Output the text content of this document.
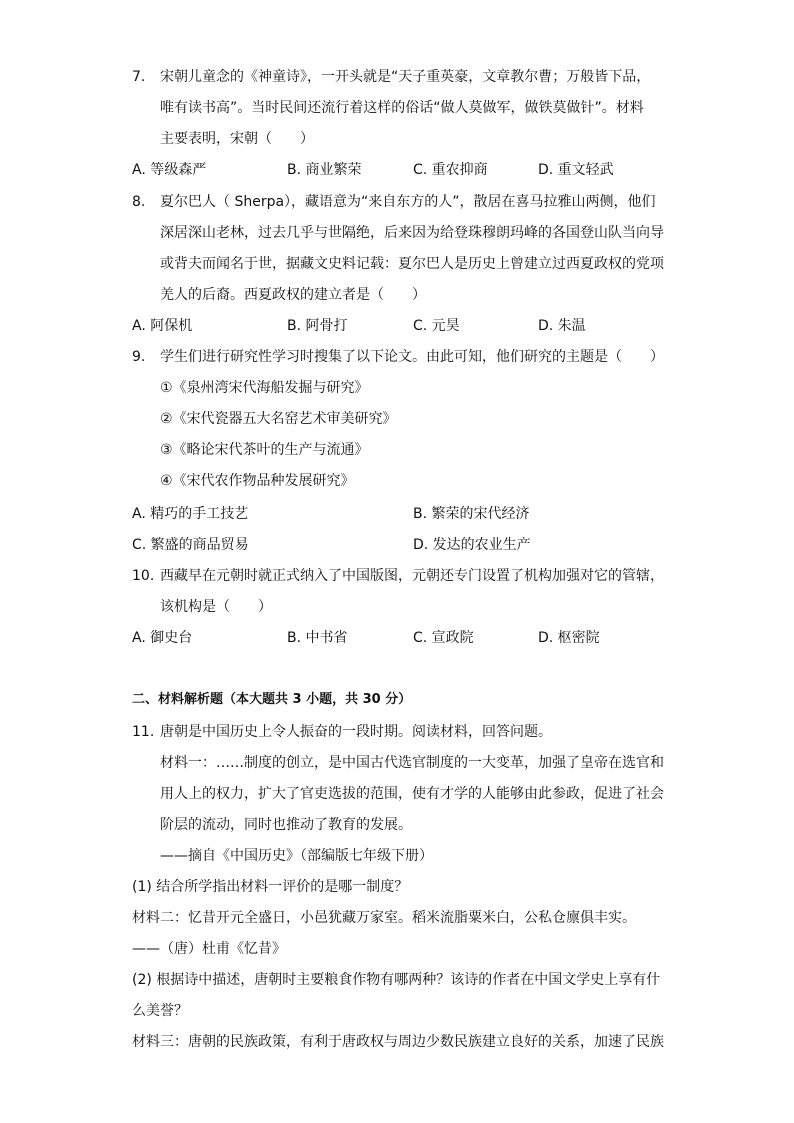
7. 宋朝儿童念的《神童诗》，一开头就是“天子重英豪，文章教尔曹；万般皆下品，
唯有读书高”。当时民间还流行着这样的俗话“做人莫做军，做铁莫做针”。材料
主要表明，宋朝（　　）
A. 等级森严	B. 商业繁荣	C. 重农抑商	D. 重文轻武
8. 夏尔巴人（ Sherpa），藏语意为“来自东方的人”，散居在喜马拉雅山两侧，他们
深居深山老林，过去几乎与世隔绝，后来因为给登珠穆朗玛峰的各国登山队当向导
或背夫而闻名于世，据藏文史料记载：夏尔巴人是历史上曾建立过西夏政权的党项
羌人的后裔。西夏政权的建立者是（　　）
A. 阿保机	B. 阿骨打	C. 元昊	D. 朱温
9. 学生们进行研究性学习时搜集了以下论文。由此可知，他们研究的主题是（　　）
①《泉州湾宋代海船发掘与研究》
②《宋代瓷器五大名窑艺术审美研究》
③《略论宋代茶叶的生产与流通》
④《宋代农作物品种发展研究》
A. 精巧的手工技艺	B. 繁荣的宋代经济
C. 繁盛的商品贸易	D. 发达的农业生产
10. 西藏早在元朝时就正式纳入了中国版图，元朝还专门设置了机构加强对它的管辖，
该机构是（　　）
A. 御史台	B. 中书省	C. 宣政院	D. 枢密院
二、材料解析题（本大题共 3 小题，共 30 分）
11. 唐朝是中国历史上令人振奋的一段时期。阅读材料，回答问题。
材料一：……制度的创立，是中国古代选官制度的一大变革，加强了皇帝在选官和
用人上的权力，扩大了官吏选拔的范围，使有才学的人能够由此参政，促进了社会
阶层的流动，同时也推动了教育的发展。
——摘自《中国历史》（部编版七年级下册）
(1) 结合所学指出材料一评价的是哪一制度？
材料二：忆昔开元全盛日，小邑犹藏万家室。稻米流脂粟米白，公私仓廪俱丰实。
——（唐）杜甫《忆昔》
(2) 根据诗中描述，唐朝时主要粮食作物有哪两种？该诗的作者在中国文学史上享有什
么美誉？
材料三：唐朝的民族政策，有利于唐政权与周边少数民族建立良好的关系，加速了民族
